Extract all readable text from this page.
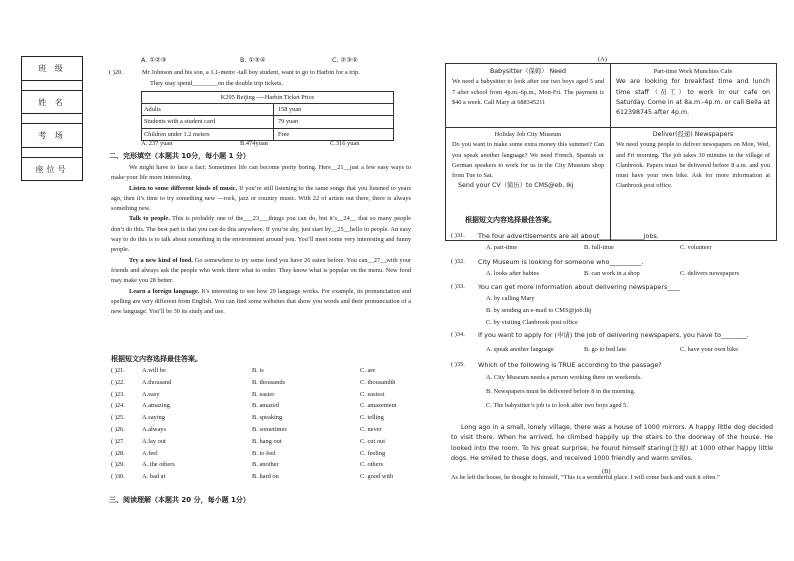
班 级
姓 名
考 场
座位号
A. ①②③	B. ①③④	C. ②③⑤
( )20.	Mr Johnson and his son, a 1.1-metre -tall boy student, want to go to Harbin for a trip.
They may spend________on the double trip tickets.
K295 Beijing ----Harbin Ticket Price
Adults	158 yuan
Students with a student card	79 yuan
Children under 1.2 meters	Free
A. 237 yuan	B.474yuan	C.316 yuan
二、完形填空（本题共 10分，每小题 1 分）

We might have to face a fact: Sometimes life can become pretty boring. Here__21__just a few easy ways to make your life more interesting.

Listen to some different kinds of music. If you’re still listening to the same songs that you listened to years ago, then it’s time to try something new —rock, jazz or country music. With 22 of artists out there, there is always something new.

Talk to people. This is probably one of the___23___things you can do, but it’s__24__ that so many people don’t do this. The best part is that you can do this anywhere. If you’re shy, just start by__25__hello to people. An easy way to do this is to talk about something in the environment around you. You’ll meet some very interesting and funny people.

Try a new kind of food. Go somewhere to try some food you have 26 eaten before. You can__27__with your friends and always ask the people who work there what to order. They know what is popular on the menu. New food may make you 28 better.

Learn a foreign language. It’s interesting to see how 29 language works. For example, its pronunciation and spelling are very different from English. You can find some websites that show you words and their pronunciation of a new language. You’ll be 30 its study and use.

根据短文内容选择最佳答案。
( )21.	A.will be	B. is	C. are
( )22.	A.thousand	B. thousands	C. thousandth
( )23.	A.easy	B. easier	C. easiest
( )24.	A.amazing	B. amazed	C. amazement
( )25.	A.saying	B. speaking	C. telling
( )26.	A.always	B. sometimes	C. never
( )27.	A.lay out	B. hang out	C. cut out
( )28.	A.feel	B. to feel	C. feeling
( )29.	A. the others	B. another	C. others
( )30.	A. bad at	B. hard on	C. good with
三、阅读理解（本题共 20 分，每小题 1分）
(A)
Babysitter（保姆） Need
We need a babysitter to look after our two boys aged 5 and 7 after school from 4p.m.-6p.m., Mon-Fri. The payment is $40 a week. Call Mary at 688345211
Part-time Work Munchies Cafe
We are looking for breakfast time and lunch time staff（员工）to work in our cafe on Saturday. Come in at 8a.m.-4p.m. or call Bella at 612398745 after 4p.m.
Holiday Job City Museum
Do you want to make some extra money this summer? Can you speak another language? We need French, Spanish or German speakers to work for us in the City Museum shop from Tue to Sat.
Send your CV（简历）to CMS@eb. Ikj
Deliver(投递) Newspapers
We need young people to deliver newspapers on Mon, Wed, and Fri morning. The job takes 30 minutes in the village of Clanbrook. Papers must be delivered before 8 a.m. and you must have your own bike. Ask for more information at Clanbrook post office.
根据短文内容选择最佳答案。
( )31. The four advertisements are all about______________jobs.
A. part-time	B. full-time	C. volunteer
( )32. City Museum is looking for someone who__________.
A. looks after babies	B. can work in a shop	C. delivers newspapers
( )33. You can get more information about delivering newspapers____
A. by calling Mary
B. by sending an e-mail to CMS@job.Ikj
C. by visiting Clanbrook post office
( )34. If you want to apply for (申请) the job of delivering newspapers, you have to________.
A. speak another language	B. go to bed late	C. have your own bike
( )35. Which of the following is TRUE according to the passage?
A. City Museum needs a person working there on weekends.
B. Newspapers must be delivered before 8 in the morning.
C. The babysitter’s job is to look after two boys aged 5.

Long ago in a small, lonely village, there was a house of 1000 mirrors. A happy little dog decided to visit there. When he arrived, he climbed happily up the stairs to the doorway of the house. He looked into the room. To his great surprise, he found himself staring(注视) at 1000 other happy little dogs. He smiled to these dogs, and received 1000 friendly and warm smiles.

(B)

As he left the house, he thought to himself, “This is a wonderful place. I will come back and visit it often.”
